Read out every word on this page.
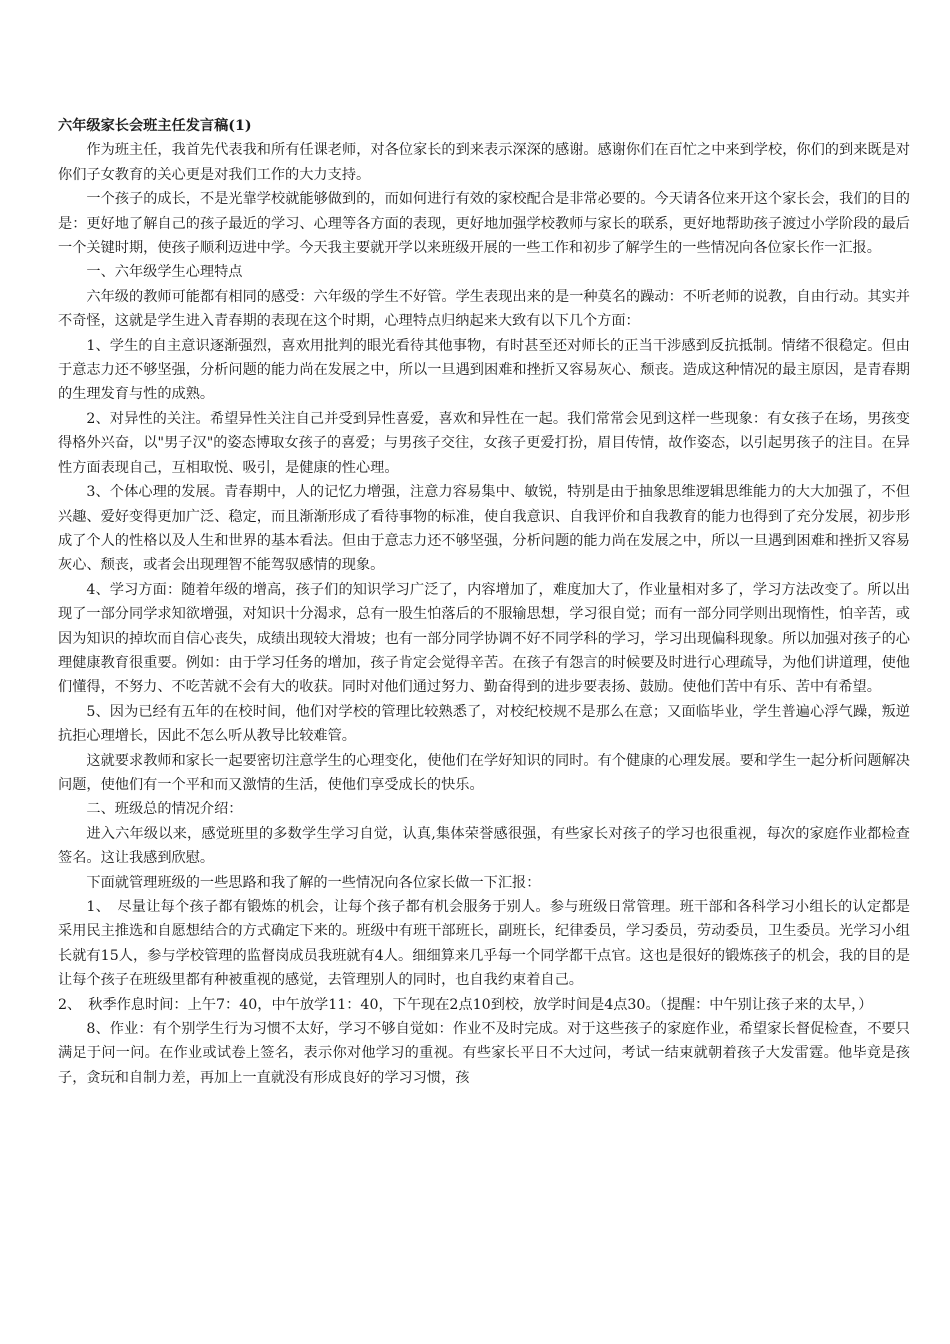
六年级家长会班主任发言稿(1)

作为班主任，我首先代表我和所有任课老师，对各位家长的到来表示深深的感谢。感谢你们在百忙之中来到学校，你们的到来既是对你们子女教育的关心更是对我们工作的大力支持。

一个孩子的成长，不是光靠学校就能够做到的，而如何进行有效的家校配合是非常必要的。今天请各位来开这个家长会，我们的目的是：更好地了解自己的孩子最近的学习、心理等各方面的表现，更好地加强学校教师与家长的联系，更好地帮助孩子渡过小学阶段的最后一个关键时期，使孩子顺利迈进中学。今天我主要就开学以来班级开展的一些工作和初步了解学生的一些情况向各位家长作一汇报。

一、六年级学生心理特点

六年级的教师可能都有相同的感受：六年级的学生不好管。学生表现出来的是一种莫名的躁动：不听老师的说教，自由行动。其实并不奇怪，这就是学生进入青春期的表现在这个时期，心理特点归纳起来大致有以下几个方面：

1、学生的自主意识逐渐强烈，喜欢用批判的眼光看待其他事物，有时甚至还对师长的正当干涉感到反抗抵制。情绪不很稳定。但由于意志力还不够坚强，分析问题的能力尚在发展之中，所以一旦遇到困难和挫折又容易灰心、颓丧。造成这种情况的最主原因，是青春期的生理发育与性的成熟。

2、对异性的关注。希望异性关注自己并受到异性喜爱，喜欢和异性在一起。我们常常会见到这样一些现象：有女孩子在场，男孩变得格外兴奋，以"男子汉"的姿态博取女孩子的喜爱；与男孩子交往，女孩子更爱打扮，眉目传情，故作姿态，以引起男孩子的注目。在异性方面表现自己，互相取悦、吸引，是健康的性心理。

3、个体心理的发展。青春期中，人的记忆力增强，注意力容易集中、敏锐，特别是由于抽象思维逻辑思维能力的大大加强了，不但兴趣、爱好变得更加广泛、稳定，而且渐渐形成了看待事物的标准，使自我意识、自我评价和自我教育的能力也得到了充分发展，初步形成了个人的性格以及人生和世界的基本看法。但由于意志力还不够坚强，分析问题的能力尚在发展之中，所以一旦遇到困难和挫折又容易灰心、颓丧，或者会出现理智不能驾驭感情的现象。

4、学习方面：随着年级的增高，孩子们的知识学习广泛了，内容增加了，难度加大了，作业量相对多了，学习方法改变了。所以出现了一部分同学求知欲增强，对知识十分渴求，总有一股生怕落后的不服输思想，学习很自觉；而有一部分同学则出现惰性，怕辛苦，或因为知识的掉坎而自信心丧失，成绩出现较大滑坡；也有一部分同学协调不好不同学科的学习，学习出现偏科现象。所以加强对孩子的心理健康教育很重要。例如：由于学习任务的增加，孩子肯定会觉得辛苦。在孩子有怨言的时候要及时进行心理疏导，为他们讲道理，使他们懂得，不努力、不吃苦就不会有大的收获。同时对他们通过努力、勤奋得到的进步要表扬、鼓励。使他们苦中有乐、苦中有希望。

5、因为已经有五年的在校时间，他们对学校的管理比较熟悉了，对校纪校规不是那么在意；又面临毕业，学生普遍心浮气躁，叛逆抗拒心理增长，因此不怎么听从教导比较难管。

这就要求教师和家长一起要密切注意学生的心理变化，使他们在学好知识的同时。有个健康的心理发展。要和学生一起分析问题解决问题，使他们有一个平和而又激情的生活，使他们享受成长的快乐。

二、班级总的情况介绍：

进入六年级以来，感觉班里的多数学生学习自觉，认真,集体荣誉感很强，有些家长对孩子的学习也很重视，每次的家庭作业都检查签名。这让我感到欣慰。

下面就管理班级的一些思路和我了解的一些情况向各位家长做一下汇报：

1、　尽量让每个孩子都有锻炼的机会，让每个孩子都有机会服务于别人。参与班级日常管理。班干部和各科学习小组长的认定都是采用民主推选和自愿想结合的方式确定下来的。班级中有班干部班长，副班长，纪律委员，学习委员，劳动委员，卫生委员。光学习小组长就有15人，参与学校管理的监督岗成员我班就有4人。细细算来几乎每一个同学都干点官。这也是很好的锻炼孩子的机会，我的目的是让每个孩子在班级里都有种被重视的感觉，去管理别人的同时，也自我约束着自己。

2、　秋季作息时间：上午7：40，中午放学11：40，下午现在2点10到校，放学时间是4点30。（提醒：中午别让孩子来的太早，）

8、作业：有个别学生行为习惯不太好，学习不够自觉如：作业不及时完成。对于这些孩子的家庭作业，希望家长督促检查，不要只满足于问一问。在作业或试卷上签名，表示你对他学习的重视。有些家长平日不大过问，考试一结束就朝着孩子大发雷霆。他毕竟是孩子，贪玩和自制力差，再加上一直就没有形成良好的学习习惯，孩
